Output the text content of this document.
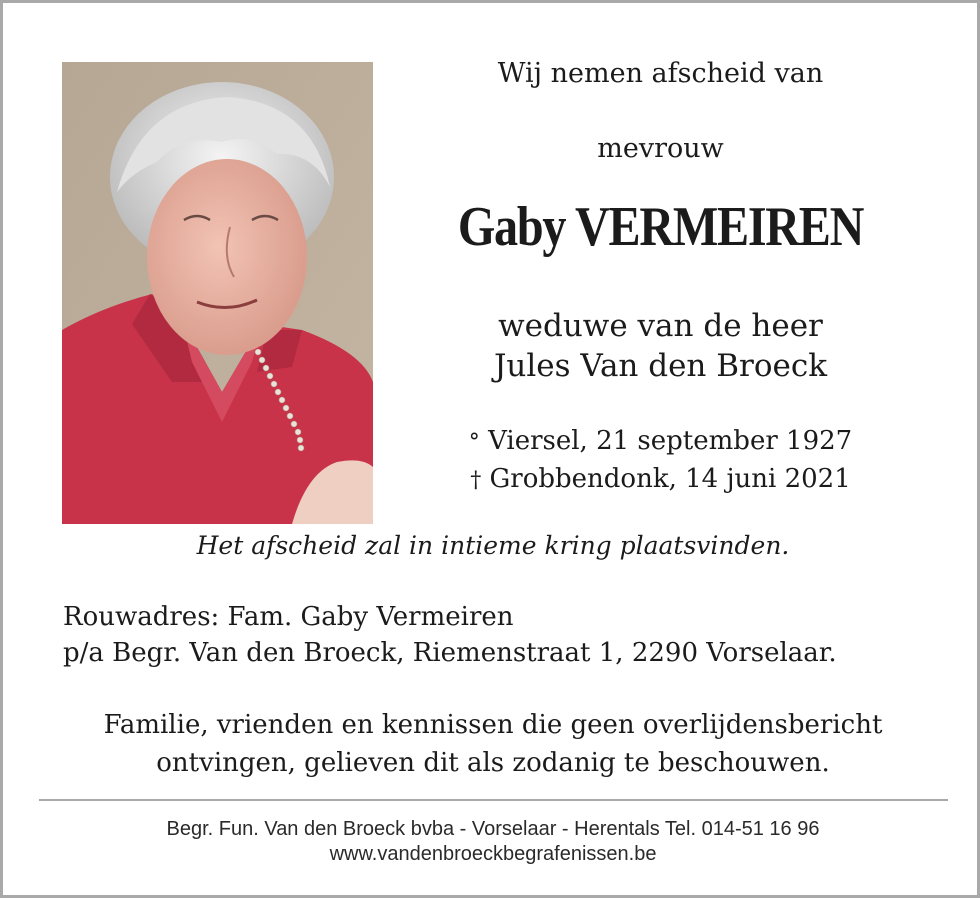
Wij nemen afscheid van
mevrouw
Gaby VERMEIREN
weduwe van de heer
Jules Van den Broeck
° Viersel, 21 september 1927
† Grobbendonk, 14 juni 2021
Het afscheid zal in intieme kring plaatsvinden.
Rouwadres: Fam. Gaby Vermeiren
p/a Begr. Van den Broeck, Riemenstraat 1, 2290 Vorselaar.
Familie, vrienden en kennissen die geen overlijdensbericht
ontvingen, gelieven dit als zodanig te beschouwen.
Begr. Fun. Van den Broeck bvba - Vorselaar - Herentals Tel. 014-51 16 96
www.vandenbroeckbegrafenissen.be
